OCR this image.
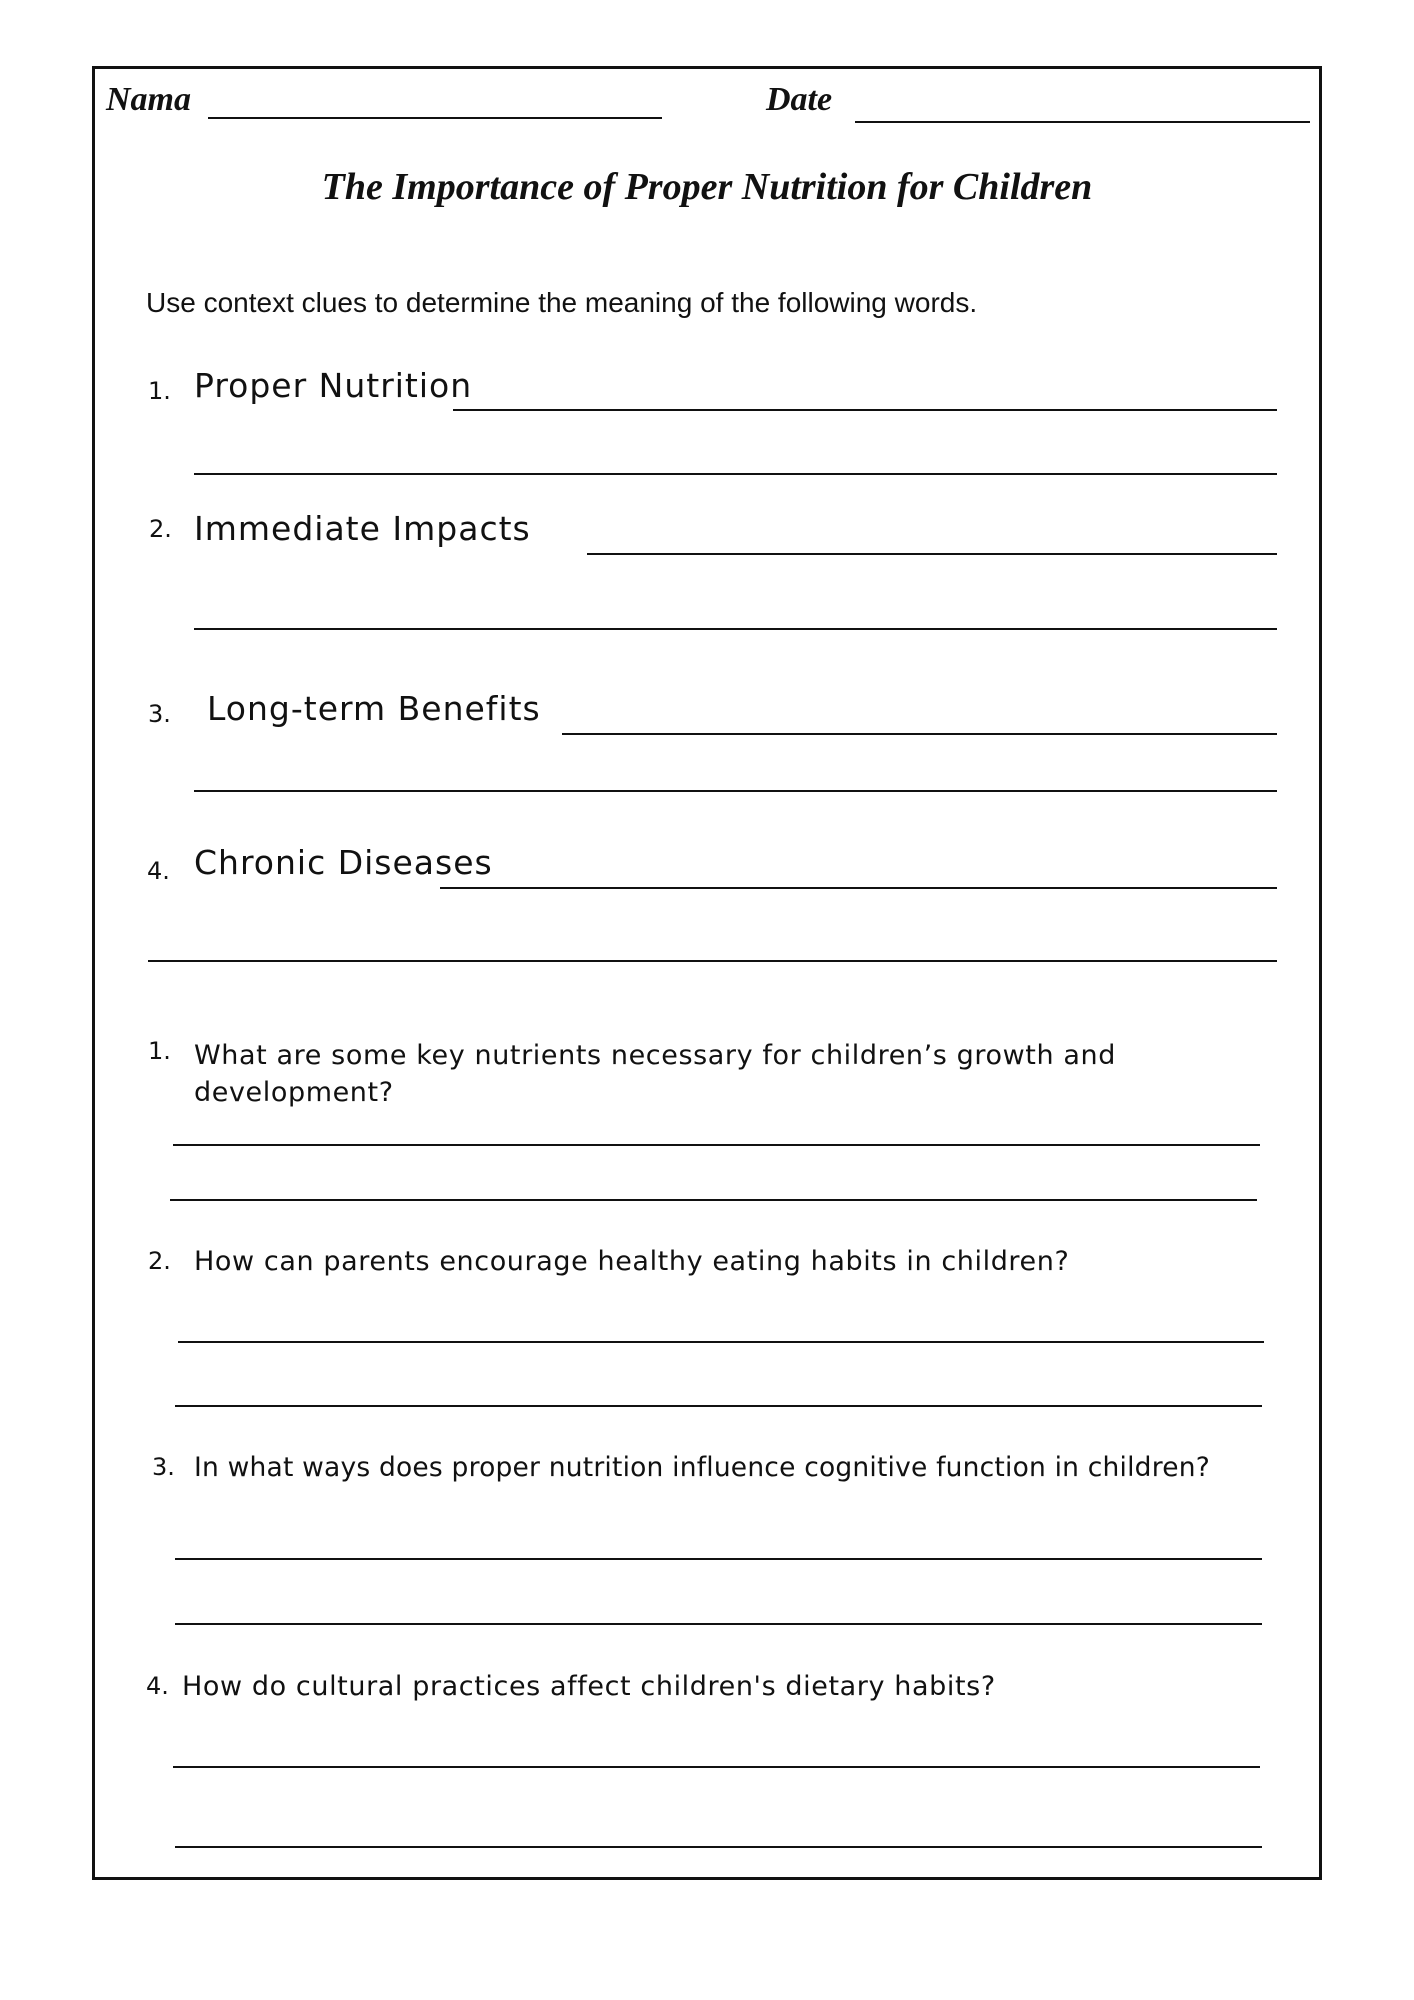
Nama	Date
The Importance of Proper Nutrition for Children
Use context clues to determine the meaning of the following words.
1. Proper Nutrition
2. Immediate Impacts
3. Long-term Benefits
4. Chronic Diseases
1. What are some key nutrients necessary for children’s growth and development?
2. How can parents encourage healthy eating habits in children?
3. In what ways does proper nutrition influence cognitive function in children?
4. How do cultural practices affect children's dietary habits?
